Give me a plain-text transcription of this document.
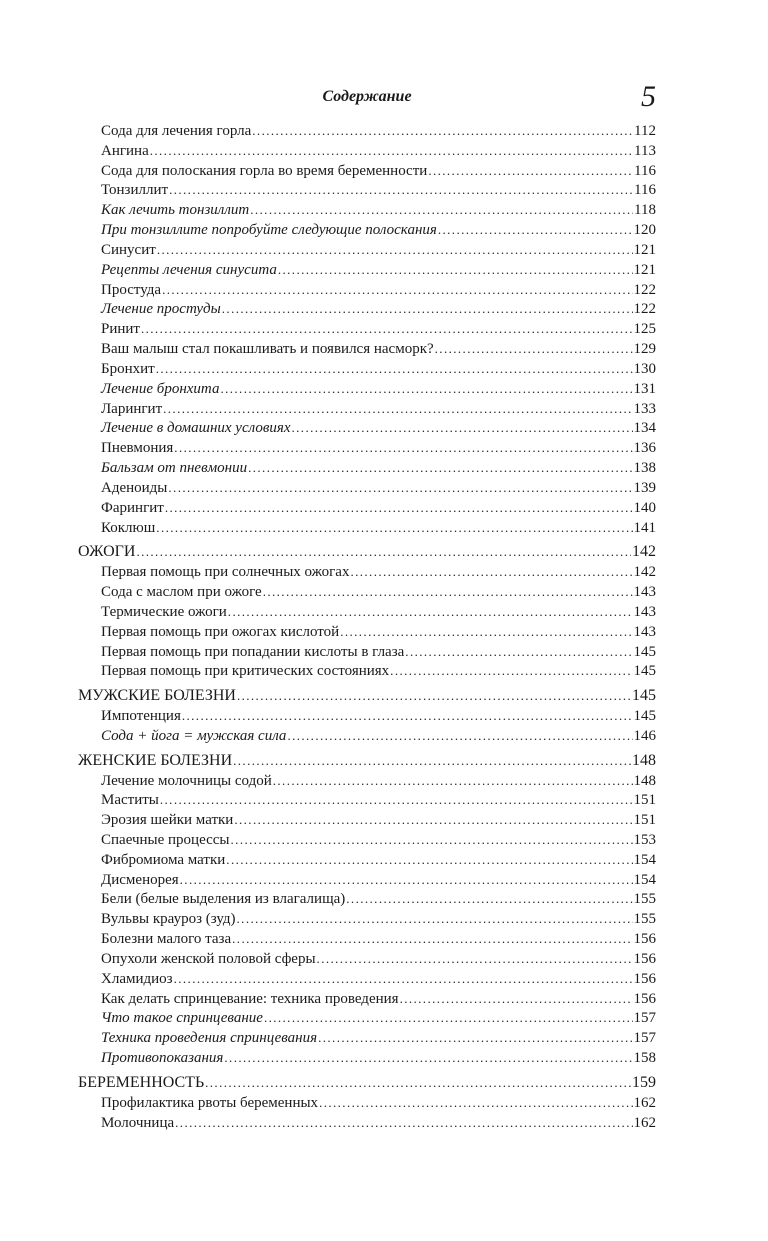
Содержание	5
Сода для лечения горла .....	112
Ангина .....	113
Сода для полоскания горла во время беременности .....	116
Тонзиллит .....	116
Как лечить тонзиллит .....	118
При тонзиллите попробуйте следующие полоскания .....	120
Синусит .....	121
Рецепты лечения синусита .....	121
Простуда .....	122
Лечение простуды .....	122
Ринит .....	125
Ваш малыш стал покашливать и появился насморк? .....	129
Бронхит .....	130
Лечение бронхита .....	131
Ларингит .....	133
Лечение в домашних условиях .....	134
Пневмония .....	136
Бальзам от пневмонии .....	138
Аденоиды .....	139
Фарингит .....	140
Коклюш .....	141
ОЖОГИ .....	142
Первая помощь при солнечных ожогах .....	142
Сода с маслом при ожоге .....	143
Термические ожоги .....	143
Первая помощь при ожогах кислотой .....	143
Первая помощь при попадании кислоты в глаза .....	145
Первая помощь при критических состояниях .....	145
МУЖСКИЕ БОЛЕЗНИ .....	145
Импотенция .....	145
Сода + йога = мужская сила .....	146
ЖЕНСКИЕ БОЛЕЗНИ .....	148
Лечение молочницы содой .....	148
Маститы .....	151
Эрозия шейки матки .....	151
Спаечные процессы .....	153
Фибромиома матки .....	154
Дисменорея .....	154
Бели (белые выделения из влагалища) .....	155
Вульвы крауроз (зуд) .....	155
Болезни малого таза .....	156
Опухоли женской половой сферы .....	156
Хламидиоз .....	156
Как делать спринцевание: техника проведения .....	156
Что такое спринцевание .....	157
Техника проведения спринцевания .....	157
Противопоказания .....	158
БЕРЕМЕННОСТЬ .....	159
Профилактика рвоты беременных .....	162
Молочница .....	162
